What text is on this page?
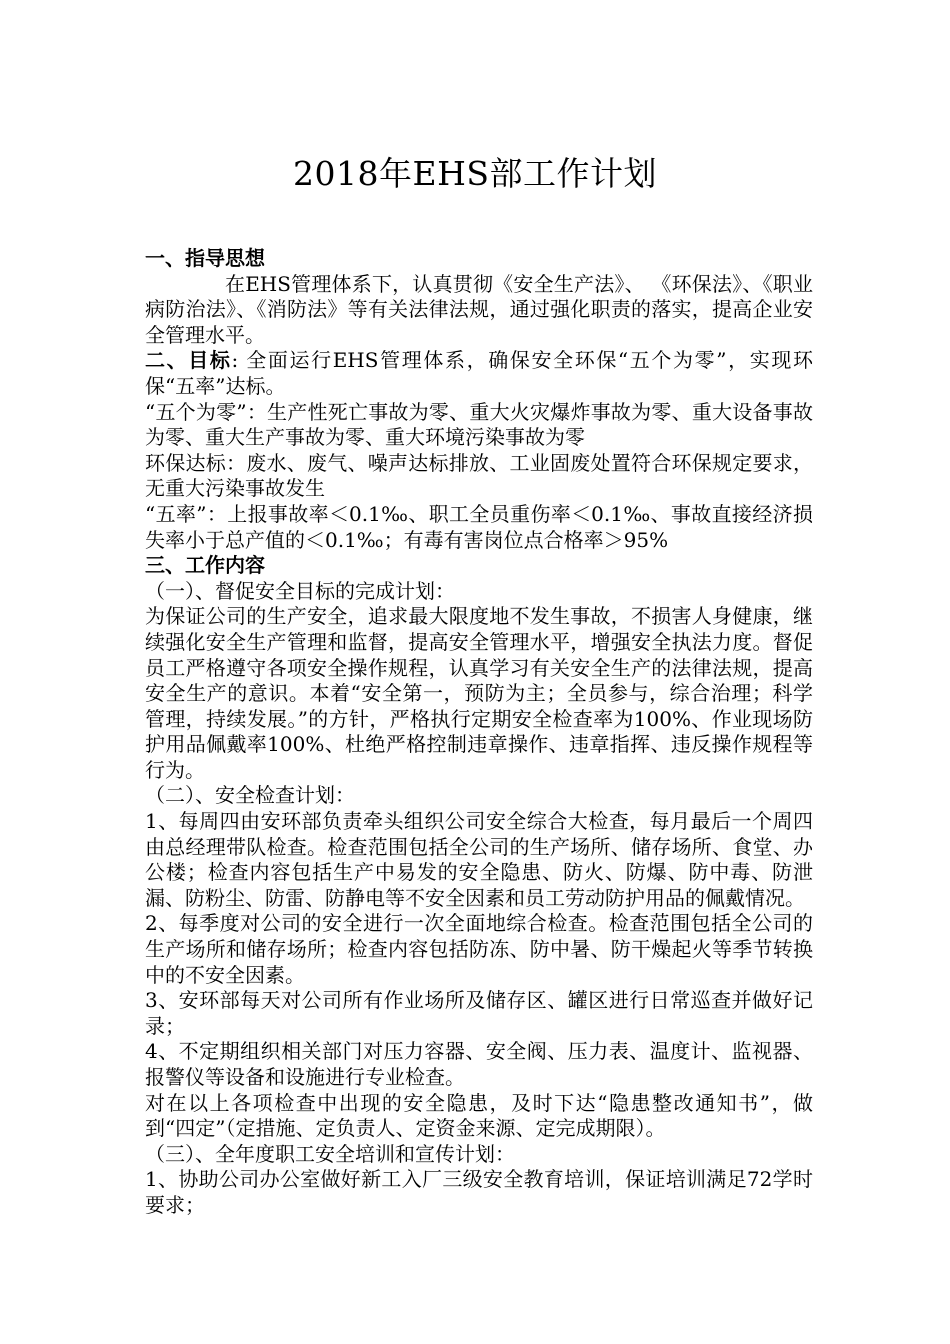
2018年EHS部工作计划

一、指导思想

在EHS管理体系下，认真贯彻《安全生产法》、 《环保法》、《职业病防治法》、《消防法》等有关法律法规，通过强化职责的落实，提高企业安全管理水平。

二、目标: 全面运行EHS管理体系，确保安全环保“五个为零”，实现环保“五率”达标。

“五个为零”：生产性死亡事故为零、重大火灾爆炸事故为零、重大设备事故为零、重大生产事故为零、重大环境污染事故为零

环保达标：废水、废气、噪声达标排放、工业固废处置符合环保规定要求，无重大污染事故发生

“五率”：上报事故率＜0.1‰、职工全员重伤率＜0.1‰、事故直接经济损失率小于总产值的＜0.1‰；有毒有害岗位点合格率＞95%

三、工作内容

（一）、督促安全目标的完成计划：

为保证公司的生产安全，追求最大限度地不发生事故，不损害人身健康，继续强化安全生产管理和监督，提高安全管理水平，增强安全执法力度。督促员工严格遵守各项安全操作规程，认真学习有关安全生产的法律法规，提高安全生产的意识。本着“安全第一，预防为主；全员参与，综合治理；科学管理，持续发展。”的方针，严格执行定期安全检查率为100%、作业现场防护用品佩戴率100%、杜绝严格控制违章操作、违章指挥、违反操作规程等行为。

（二）、安全检查计划：

1、每周四由安环部负责牵头组织公司安全综合大检查，每月最后一个周四由总经理带队检查。检查范围包括全公司的生产场所、储存场所、食堂、办公楼；检查内容包括生产中易发的安全隐患、防火、防爆、防中毒、防泄漏、防粉尘、防雷、防静电等不安全因素和员工劳动防护用品的佩戴情况。

2、每季度对公司的安全进行一次全面地综合检查。检查范围包括全公司的生产场所和储存场所；检查内容包括防冻、防中暑、防干燥起火等季节转换中的不安全因素。

3、安环部每天对公司所有作业场所及储存区、罐区进行日常巡查并做好记录；

4、不定期组织相关部门对压力容器、安全阀、压力表、温度计、监视器、报警仪等设备和设施进行专业检查。

对在以上各项检查中出现的安全隐患，及时下达“隐患整改通知书”，做到“四定”（定措施、定负责人、定资金来源、定完成期限）。

（三）、全年度职工安全培训和宣传计划：

1、协助公司办公室做好新工入厂三级安全教育培训，保证培训满足72学时要求；
